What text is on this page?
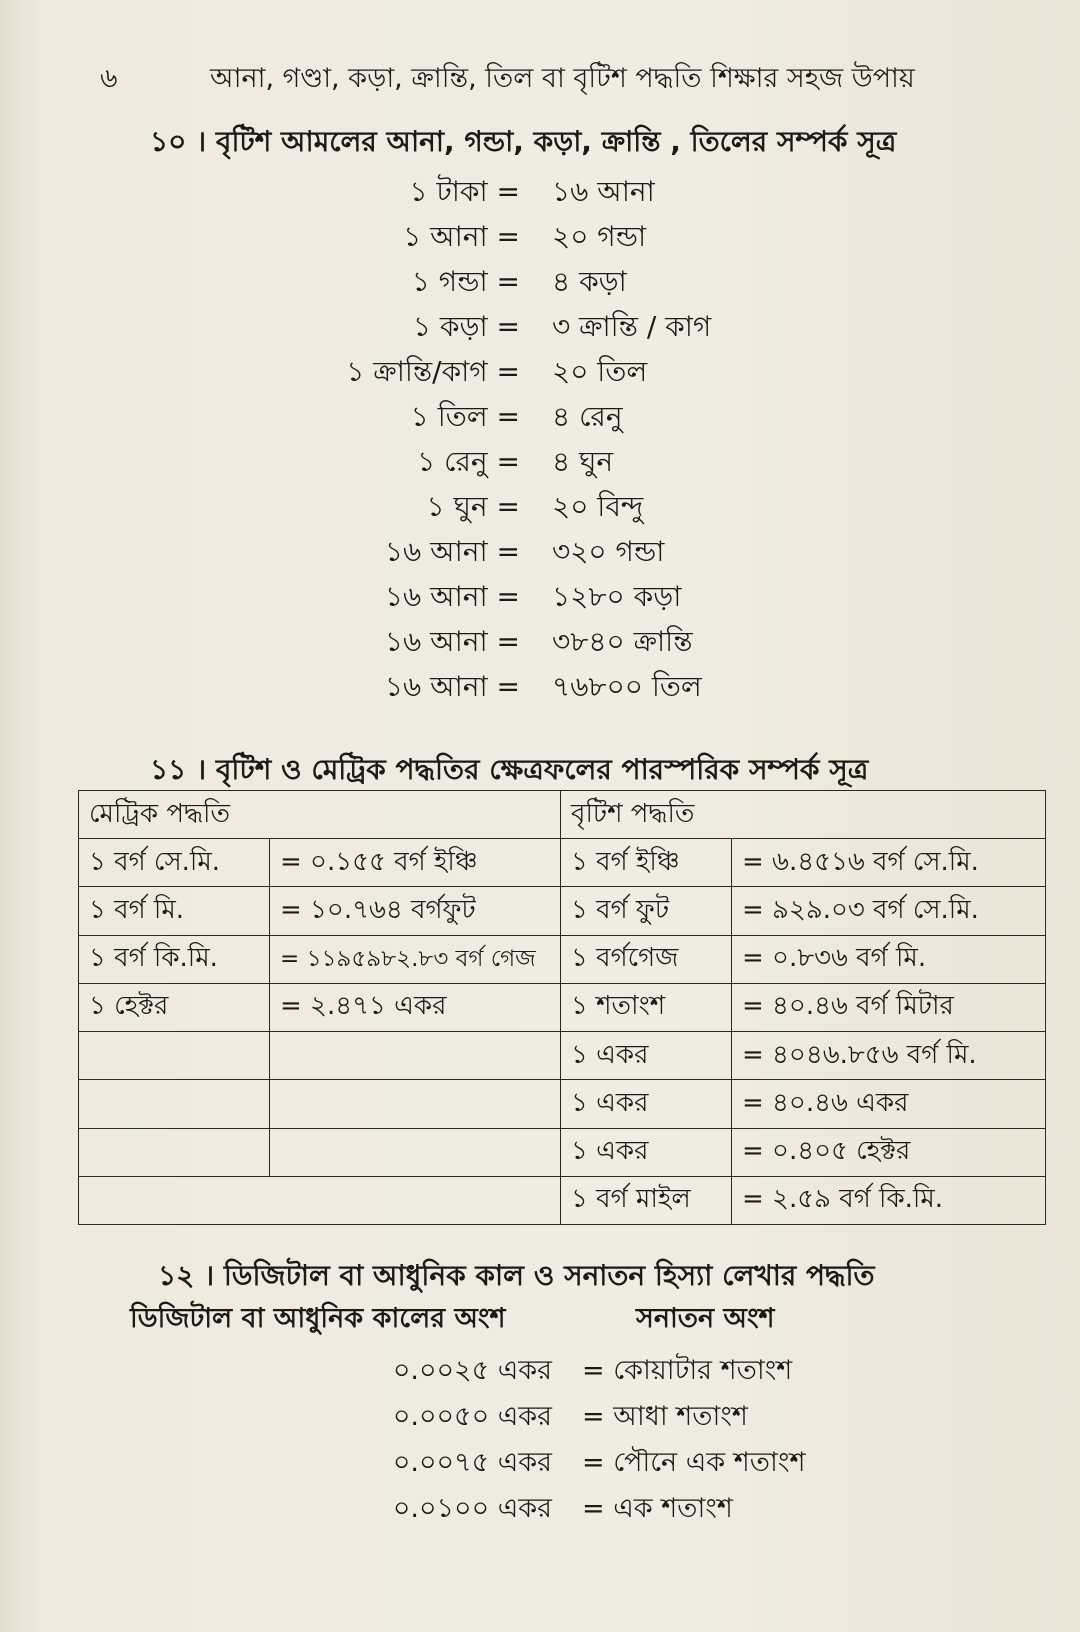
৬	আনা, গণ্ডা, কড়া, ক্রান্তি, তিল বা বৃটিশ পদ্ধতি শিক্ষার সহজ উপায়
১০ । বৃটিশ আমলের আনা, গন্ডা, কড়া, ক্রান্তি , তিলের সম্পর্ক সূত্র
১ টাকা = ১৬ আনা
১ আনা = ২০ গন্ডা
১ গন্ডা = ৪ কড়া
১ কড়া = ৩ ক্রান্তি / কাগ
১ ক্রান্তি/কাগ = ২০ তিল
১ তিল = ৪ রেনু
১ রেনু = ৪ ঘুন
১ ঘুন = ২০ বিন্দু
১৬ আনা = ৩২০ গন্ডা
১৬ আনা = ১২৮০ কড়া
১৬ আনা = ৩৮৪০ ক্রান্তি
১৬ আনা = ৭৬৮০০ তিল
১১ । বৃটিশ ও মেট্রিক পদ্ধতির ক্ষেত্রফলের পারস্পরিক সম্পর্ক সূত্র
মেট্রিক পদ্ধতি		বৃটিশ পদ্ধতি	
১ বর্গ সে.মি.	= ০.১৫৫ বর্গ ইঞ্চি	১ বর্গ ইঞ্চি	= ৬.৪৫১৬ বর্গ সে.মি.
১ বর্গ মি.	= ১০.৭৬৪ বর্গফুট	১ বর্গ ফুট	= ৯২৯.০৩ বর্গ সে.মি.
১ বর্গ কি.মি.	= ১১৯৫৯৮২.৮৩ বর্গ গেজ	১ বর্গগেজ	= ০.৮৩৬ বর্গ মি.
১ হেক্টর	= ২.৪৭১ একর	১ শতাংশ	= ৪০.৪৬ বর্গ মিটার
		১ একর	= ৪০৪৬.৮৫৬ বর্গ মি.
		১ একর	= ৪০.৪৬ একর
		১ একর	= ০.৪০৫ হেক্টর
		১ বর্গ মাইল	= ২.৫৯ বর্গ কি.মি.
১২ । ডিজিটাল বা আধুনিক কাল ও সনাতন হিস্যা লেখার পদ্ধতি
ডিজিটাল বা আধুনিক কালের অংশ	সনাতন অংশ
০.০০২৫ একর = কোয়াটার শতাংশ
০.০০৫০ একর = আধা শতাংশ
০.০০৭৫ একর = পৌনে এক শতাংশ
০.০১০০ একর = এক শতাংশ
